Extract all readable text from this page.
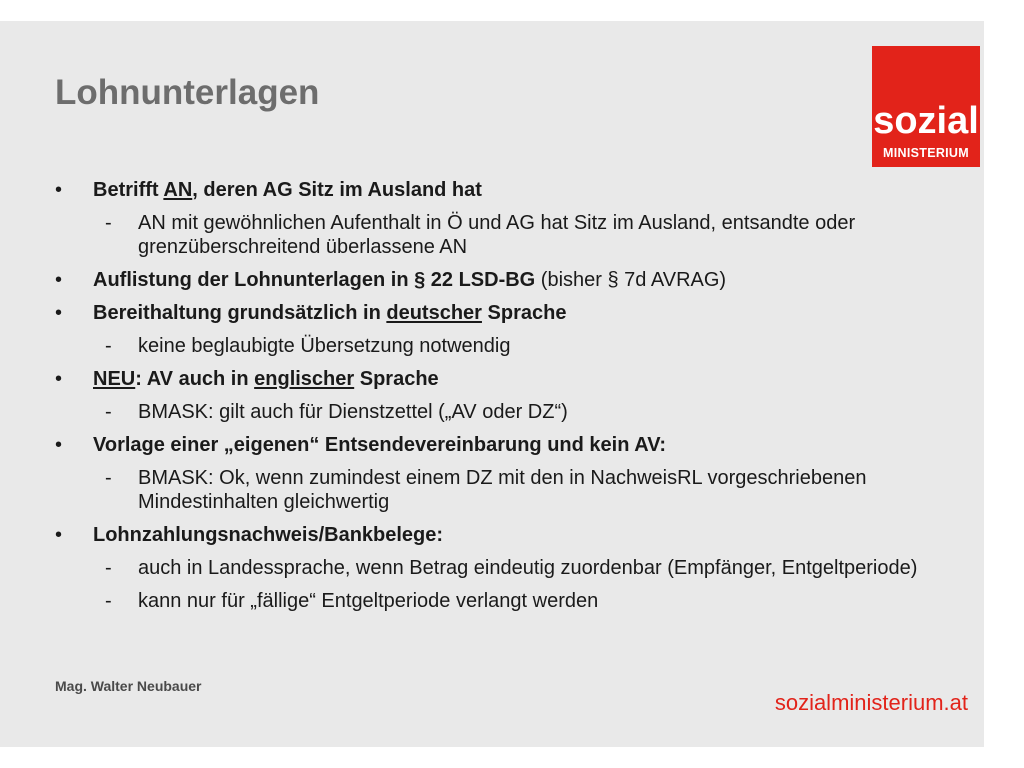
Lohnunterlagen
sozial
MINISTERIUM
• Betrifft AN, deren AG Sitz im Ausland hat
- AN mit gewöhnlichen Aufenthalt in Ö und AG hat Sitz im Ausland, entsandte oder grenzüberschreitend überlassene AN
• Auflistung der Lohnunterlagen in § 22 LSD-BG (bisher § 7d AVRAG)
• Bereithaltung grundsätzlich in deutscher Sprache
- keine beglaubigte Übersetzung notwendig
• NEU: AV auch in englischer Sprache
- BMASK: gilt auch für Dienstzettel („AV oder DZ“)
• Vorlage einer „eigenen“ Entsendevereinbarung und kein AV:
- BMASK: Ok, wenn zumindest einem DZ mit den in NachweisRL vorgeschriebenen Mindestinhalten gleichwertig
• Lohnzahlungsnachweis/Bankbelege:
- auch in Landessprache, wenn Betrag eindeutig zuordenbar (Empfänger, Entgeltperiode)
- kann nur für „fällige“ Entgeltperiode verlangt werden
Mag. Walter Neubauer
sozialministerium.at
